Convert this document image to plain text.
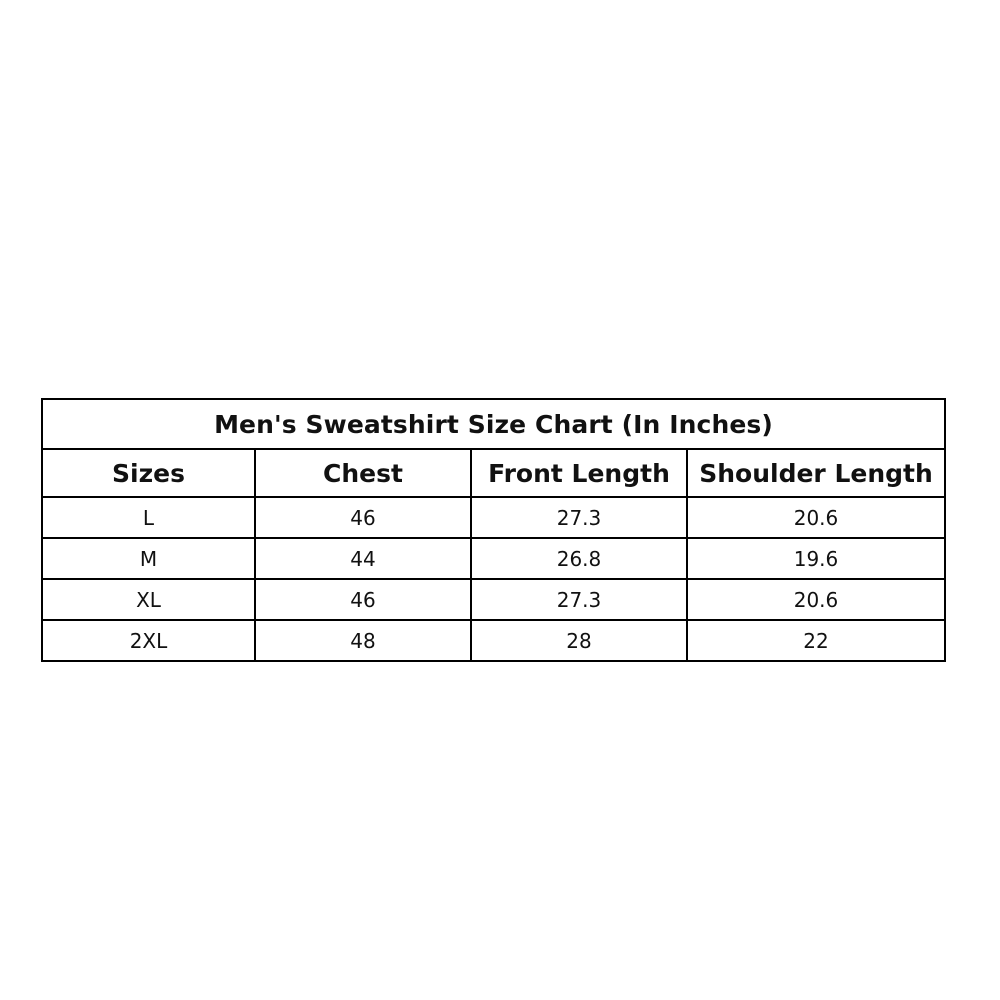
Men's Sweatshirt Size Chart (In Inches)			
Sizes	Chest	Front Length	Shoulder Length
L	46	27.3	20.6
M	44	26.8	19.6
XL	46	27.3	20.6
2XL	48	28	22
